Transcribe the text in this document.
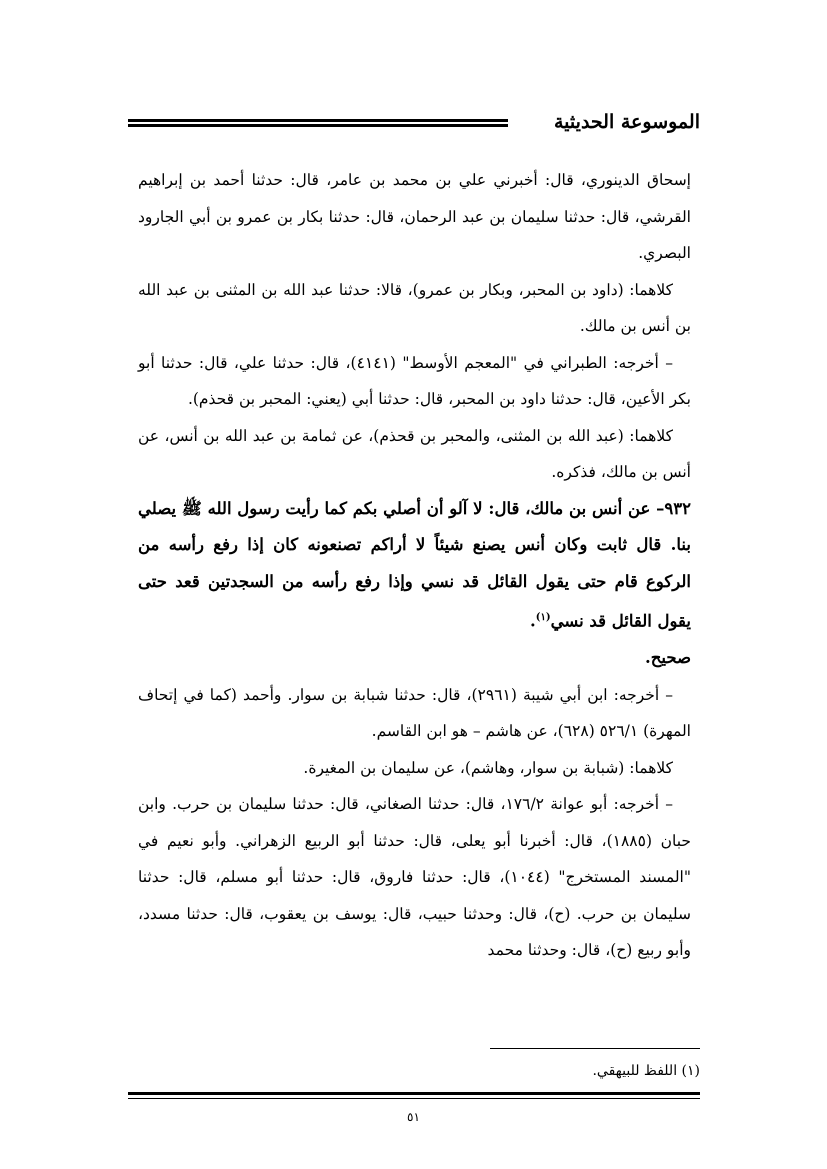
الموسوعة الحديثية

إسحاق الدينوري، قال: أخبرني علي بن محمد بن عامر، قال: حدثنا أحمد بن إبراهيم القرشي، قال: حدثنا سليمان بن عبد الرحمان، قال: حدثنا بكار بن عمرو بن أبي الجارود البصري.

كلاهما: (داود بن المحبر، وبكار بن عمرو)، قالا: حدثنا عبد الله بن المثنى بن عبد الله بن أنس بن مالك.

– أخرجه: الطبراني في "المعجم الأوسط" (٤١٤١)، قال: حدثنا علي، قال: حدثنا أبو بكر الأعين، قال: حدثنا داود بن المحبر، قال: حدثنا أبي (يعني: المحبر بن قحذم).

كلاهما: (عبد الله بن المثنى، والمحبر بن قحذم)، عن ثمامة بن عبد الله بن أنس، عن أنس بن مالك، فذكره.

٩٣٢– عن أنس بن مالك، قال: لا آلو أن أصلي بكم كما رأيت رسول الله ﷺ يصلي بنا. قال ثابت وكان أنس يصنع شيئاً لا أراكم تصنعونه كان إذا رفع رأسه من الركوع قام حتى يقول القائل قد نسي وإذا رفع رأسه من السجدتين قعد حتى يقول القائل قد نسي$^{(١)}$.

صحيح.

– أخرجه: ابن أبي شيبة (٢٩٦١)، قال: حدثنا شبابة بن سوار. وأحمد (كما في إتحاف المهرة) ٥٢٦/١ (٦٢٨)، عن هاشم – هو ابن القاسم.

كلاهما: (شبابة بن سوار، وهاشم)، عن سليمان بن المغيرة.

– أخرجه: أبو عوانة ١٧٦/٢، قال: حدثنا الصغاني، قال: حدثنا سليمان بن حرب. وابن حبان (١٨٨٥)، قال: أخبرنا أبو يعلى، قال: حدثنا أبو الربيع الزهراني. وأبو نعيم في "المسند المستخرج" (١٠٤٤)، قال: حدثنا فاروق، قال: حدثنا أبو مسلم، قال: حدثنا سليمان بن حرب. (ح)، قال: وحدثنا حبيب، قال: يوسف بن يعقوب، قال: حدثنا مسدد، وأبو ربيع (ح)، قال: وحدثنا محمد

(١) اللفظ للبيهقي.
٥١
